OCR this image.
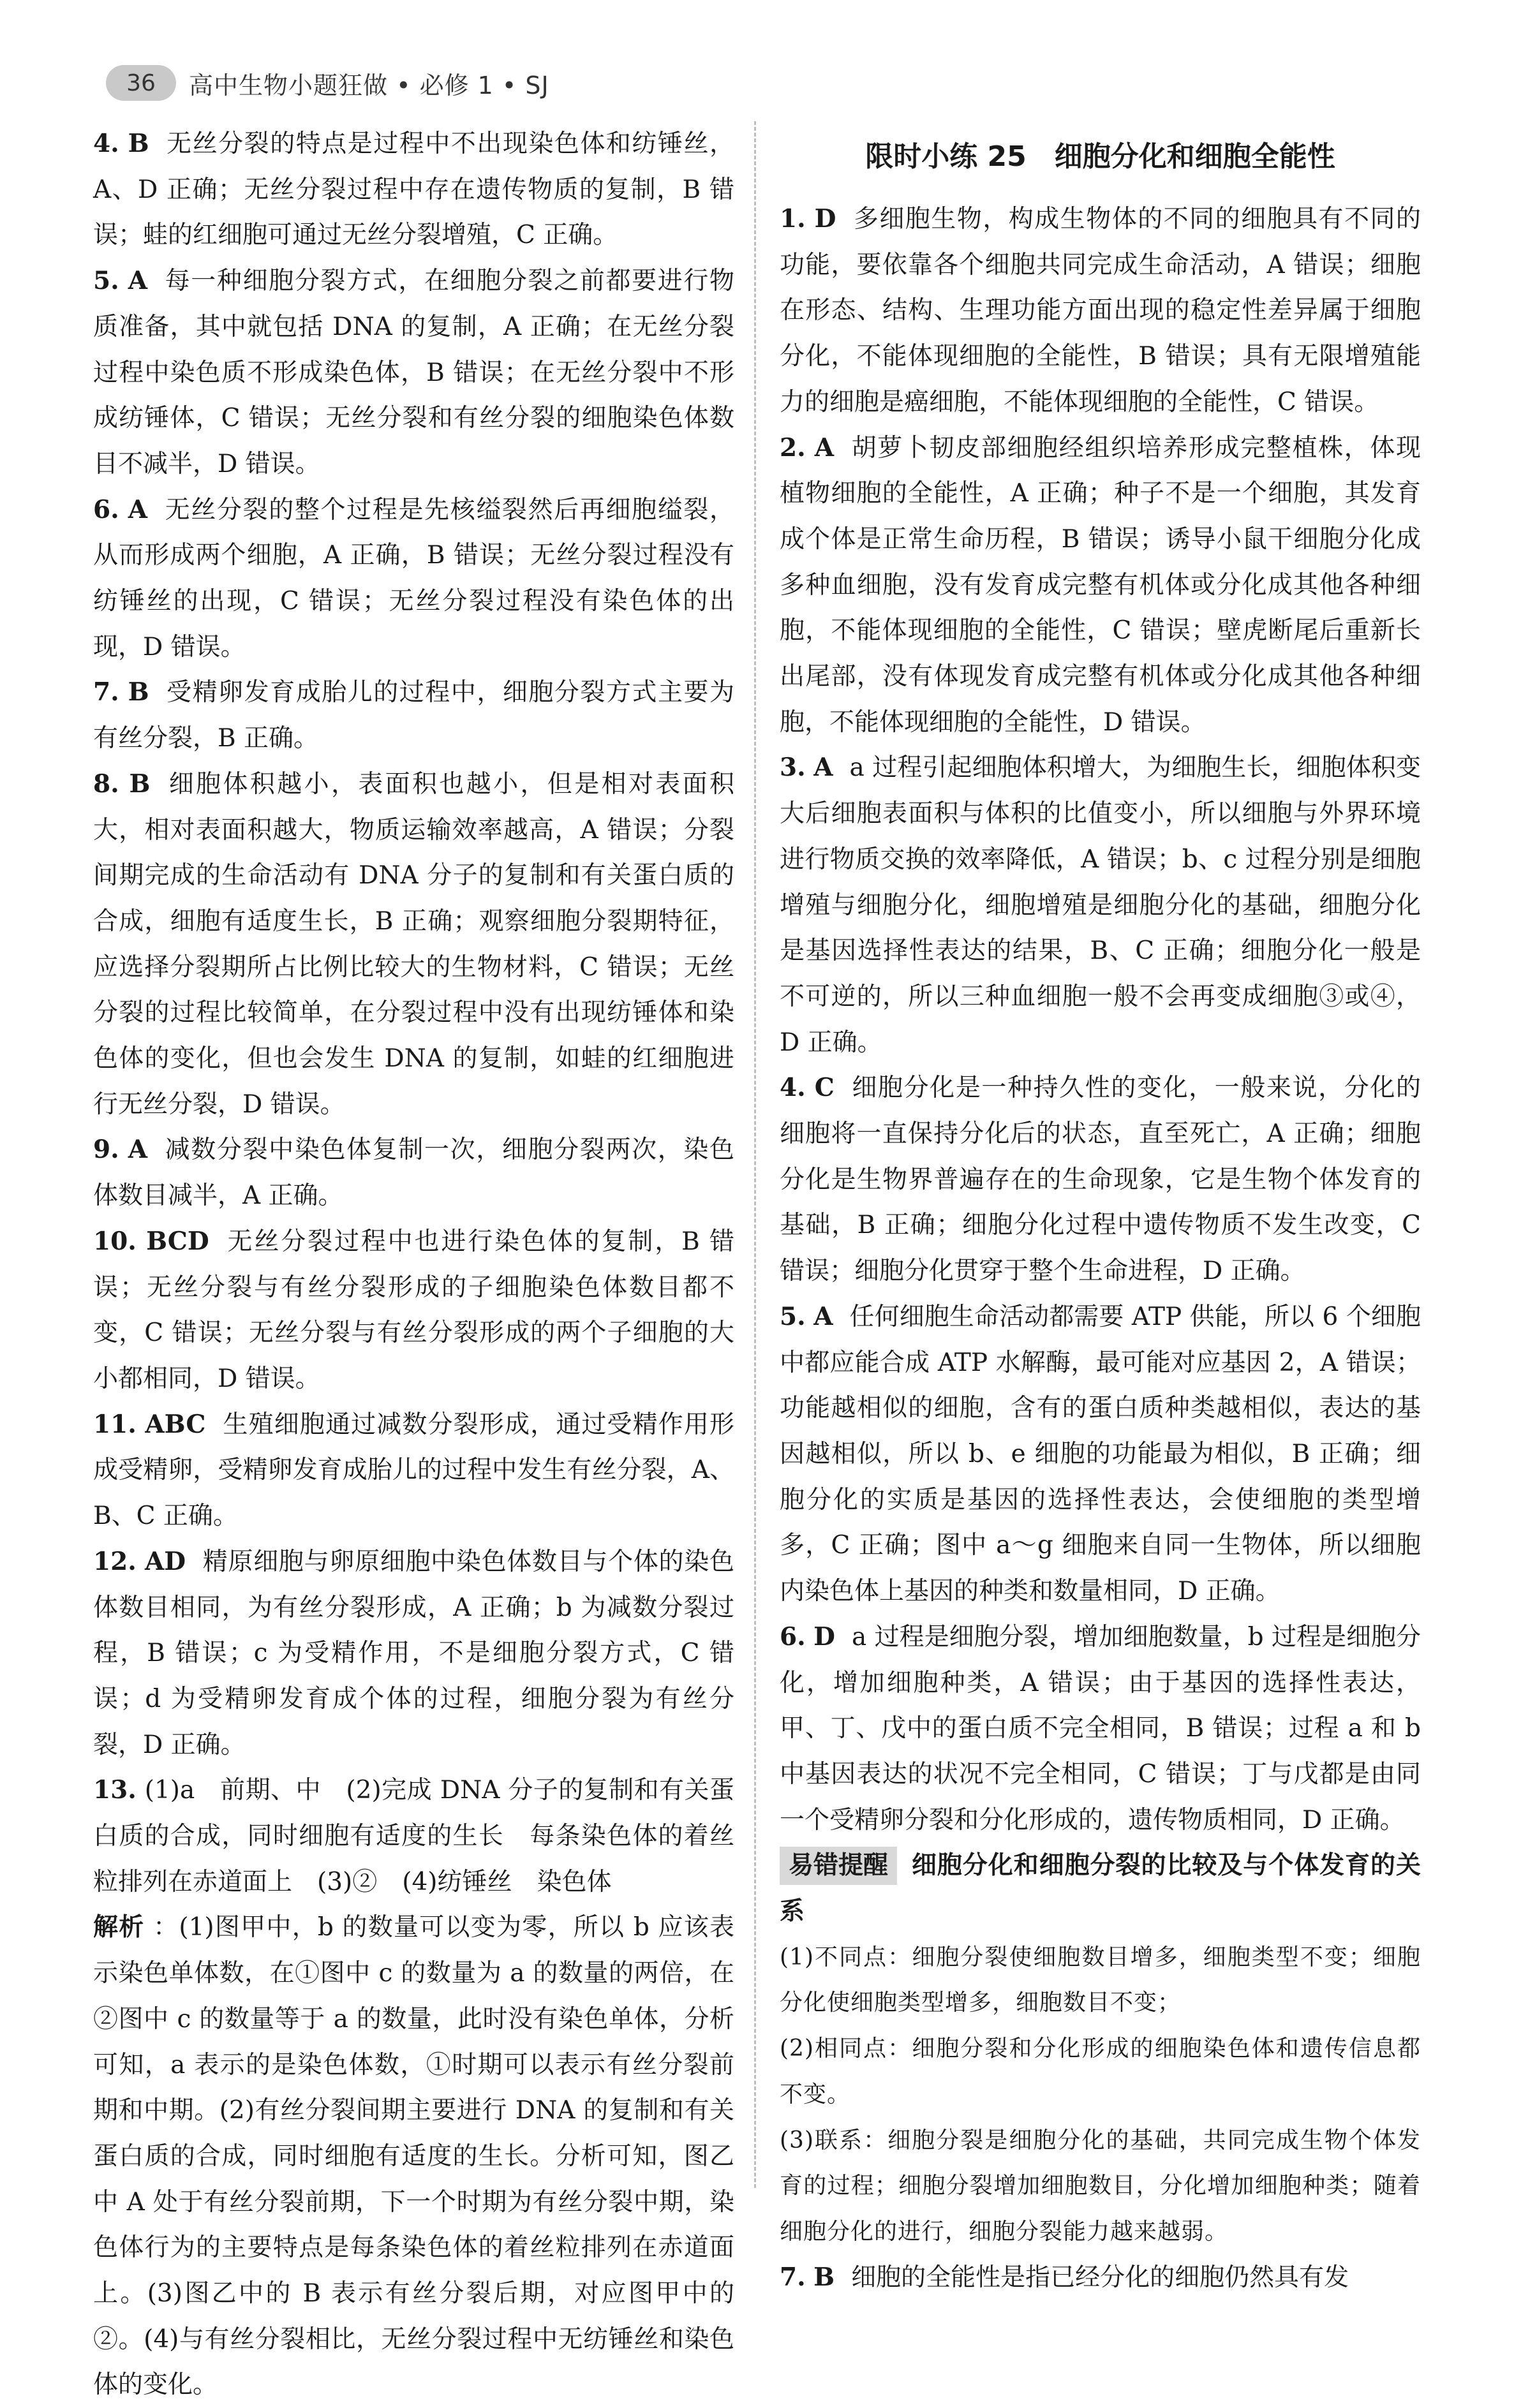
36	高中生物小题狂做 • 必修 1 • SJ

4. B 无丝分裂的特点是过程中不出现染色体和纺锤丝，A、D 正确；无丝分裂过程中存在遗传物质的复制，B 错误；蛙的红细胞可通过无丝分裂增殖，C 正确。

5. A 每一种细胞分裂方式，在细胞分裂之前都要进行物质准备，其中就包括 DNA 的复制，A 正确；在无丝分裂过程中染色质不形成染色体，B 错误；在无丝分裂中不形成纺锤体，C 错误；无丝分裂和有丝分裂的细胞染色体数目不减半，D 错误。

6. A 无丝分裂的整个过程是先核缢裂然后再细胞缢裂，从而形成两个细胞，A 正确，B 错误；无丝分裂过程没有纺锤丝的出现，C 错误；无丝分裂过程没有染色体的出现，D 错误。

7. B 受精卵发育成胎儿的过程中，细胞分裂方式主要为有丝分裂，B 正确。

8. B 细胞体积越小，表面积也越小，但是相对表面积大，相对表面积越大，物质运输效率越高，A 错误；分裂间期完成的生命活动有 DNA 分子的复制和有关蛋白质的合成，细胞有适度生长，B 正确；观察细胞分裂期特征，应选择分裂期所占比例比较大的生物材料，C 错误；无丝分裂的过程比较简单，在分裂过程中没有出现纺锤体和染色体的变化，但也会发生 DNA 的复制，如蛙的红细胞进行无丝分裂，D 错误。

9. A 减数分裂中染色体复制一次，细胞分裂两次，染色体数目减半，A 正确。

10. BCD 无丝分裂过程中也进行染色体的复制，B 错误；无丝分裂与有丝分裂形成的子细胞染色体数目都不变，C 错误；无丝分裂与有丝分裂形成的两个子细胞的大小都相同，D 错误。

11. ABC 生殖细胞通过减数分裂形成，通过受精作用形成受精卵，受精卵发育成胎儿的过程中发生有丝分裂，A、B、C 正确。

12. AD 精原细胞与卵原细胞中染色体数目与个体的染色体数目相同，为有丝分裂形成，A 正确；b 为减数分裂过程，B 错误；c 为受精作用，不是细胞分裂方式，C 错误；d 为受精卵发育成个体的过程，细胞分裂为有丝分裂，D 正确。

13. (1)a　前期、中　(2)完成 DNA 分子的复制和有关蛋白质的合成，同时细胞有适度的生长　每条染色体的着丝粒排列在赤道面上　(3)②　(4)纺锤丝　染色体

解析 ：(1)图甲中，b 的数量可以变为零，所以 b 应该表示染色单体数，在①图中 c 的数量为 a 的数量的两倍，在②图中 c 的数量等于 a 的数量，此时没有染色单体，分析可知，a 表示的是染色体数，①时期可以表示有丝分裂前期和中期。(2)有丝分裂间期主要进行 DNA 的复制和有关蛋白质的合成，同时细胞有适度的生长。分析可知，图乙中 A 处于有丝分裂前期，下一个时期为有丝分裂中期，染色体行为的主要特点是每条染色体的着丝粒排列在赤道面上。(3)图乙中的 B 表示有丝分裂后期，对应图甲中的②。(4)与有丝分裂相比，无丝分裂过程中无纺锤丝和染色体的变化。

限时小练 25　细胞分化和细胞全能性

1. D 多细胞生物，构成生物体的不同的细胞具有不同的功能，要依靠各个细胞共同完成生命活动，A 错误；细胞在形态、结构、生理功能方面出现的稳定性差异属于细胞分化，不能体现细胞的全能性，B 错误；具有无限增殖能力的细胞是癌细胞，不能体现细胞的全能性，C 错误。

2. A 胡萝卜韧皮部细胞经组织培养形成完整植株，体现植物细胞的全能性，A 正确；种子不是一个细胞，其发育成个体是正常生命历程，B 错误；诱导小鼠干细胞分化成多种血细胞，没有发育成完整有机体或分化成其他各种细胞，不能体现细胞的全能性，C 错误；壁虎断尾后重新长出尾部，没有体现发育成完整有机体或分化成其他各种细胞，不能体现细胞的全能性，D 错误。

3. A a 过程引起细胞体积增大，为细胞生长，细胞体积变大后细胞表面积与体积的比值变小，所以细胞与外界环境进行物质交换的效率降低，A 错误；b、c 过程分别是细胞增殖与细胞分化，细胞增殖是细胞分化的基础，细胞分化是基因选择性表达的结果，B、C 正确；细胞分化一般是不可逆的，所以三种血细胞一般不会再变成细胞③或④，D 正确。

4. C 细胞分化是一种持久性的变化，一般来说，分化的细胞将一直保持分化后的状态，直至死亡，A 正确；细胞分化是生物界普遍存在的生命现象，它是生物个体发育的基础，B 正确；细胞分化过程中遗传物质不发生改变，C 错误；细胞分化贯穿于整个生命进程，D 正确。

5. A 任何细胞生命活动都需要 ATP 供能，所以 6 个细胞中都应能合成 ATP 水解酶，最可能对应基因 2，A 错误；功能越相似的细胞，含有的蛋白质种类越相似，表达的基因越相似，所以 b、e 细胞的功能最为相似，B 正确；细胞分化的实质是基因的选择性表达，会使细胞的类型增多，C 正确；图中 a～g 细胞来自同一生物体，所以细胞内染色体上基因的种类和数量相同，D 正确。

6. D a 过程是细胞分裂，增加细胞数量，b 过程是细胞分化，增加细胞种类，A 错误；由于基因的选择性表达，甲、丁、戊中的蛋白质不完全相同，B 错误；过程 a 和 b 中基因表达的状况不完全相同，C 错误；丁与戊都是由同一个受精卵分裂和分化形成的，遗传物质相同，D 正确。

易错提醒 细胞分化和细胞分裂的比较及与个体发育的关系

(1)不同点：细胞分裂使细胞数目增多，细胞类型不变；细胞分化使细胞类型增多，细胞数目不变；

(2)相同点：细胞分裂和分化形成的细胞染色体和遗传信息都不变。

(3)联系：细胞分裂是细胞分化的基础，共同完成生物个体发育的过程；细胞分裂增加细胞数目，分化增加细胞种类；随着细胞分化的进行，细胞分裂能力越来越弱。

7. B 细胞的全能性是指已经分化的细胞仍然具有发
